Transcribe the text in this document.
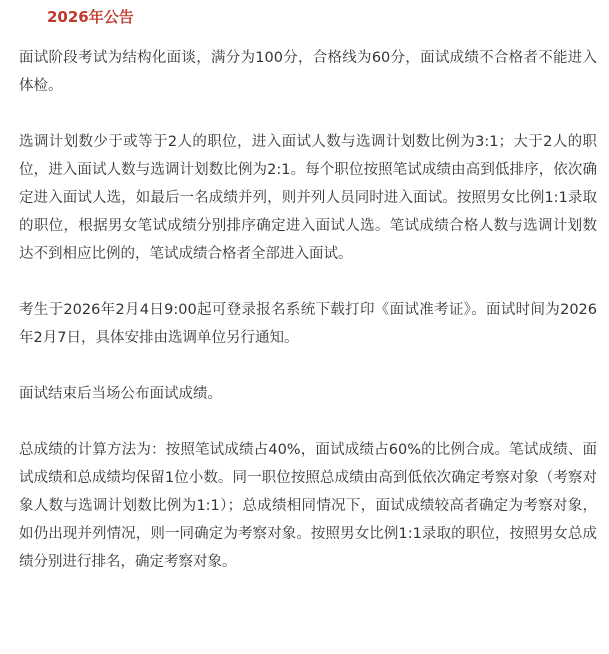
2026年公告

面试阶段考试为结构化面谈，满分为100分，合格线为60分，面试成绩不合格者不能进入体检。

选调计划数少于或等于2人的职位，进入面试人数与选调计划数比例为3:1；大于2人的职位，进入面试人数与选调计划数比例为2:1。每个职位按照笔试成绩由高到低排序，依次确定进入面试人选，如最后一名成绩并列，则并列人员同时进入面试。按照男女比例1:1录取的职位，根据男女笔试成绩分别排序确定进入面试人选。笔试成绩合格人数与选调计划数达不到相应比例的，笔试成绩合格者全部进入面试。

考生于2026年2月4日9:00起可登录报名系统下载打印《面试准考证》。面试时间为2026年2月7日，具体安排由选调单位另行通知。

面试结束后当场公布面试成绩。

总成绩的计算方法为：按照笔试成绩占40%，面试成绩占60%的比例合成。笔试成绩、面试成绩和总成绩均保留1位小数。同一职位按照总成绩由高到低依次确定考察对象（考察对象人数与选调计划数比例为1:1）；总成绩相同情况下，面试成绩较高者确定为考察对象，如仍出现并列情况，则一同确定为考察对象。按照男女比例1:1录取的职位，按照男女总成绩分别进行排名，确定考察对象。
